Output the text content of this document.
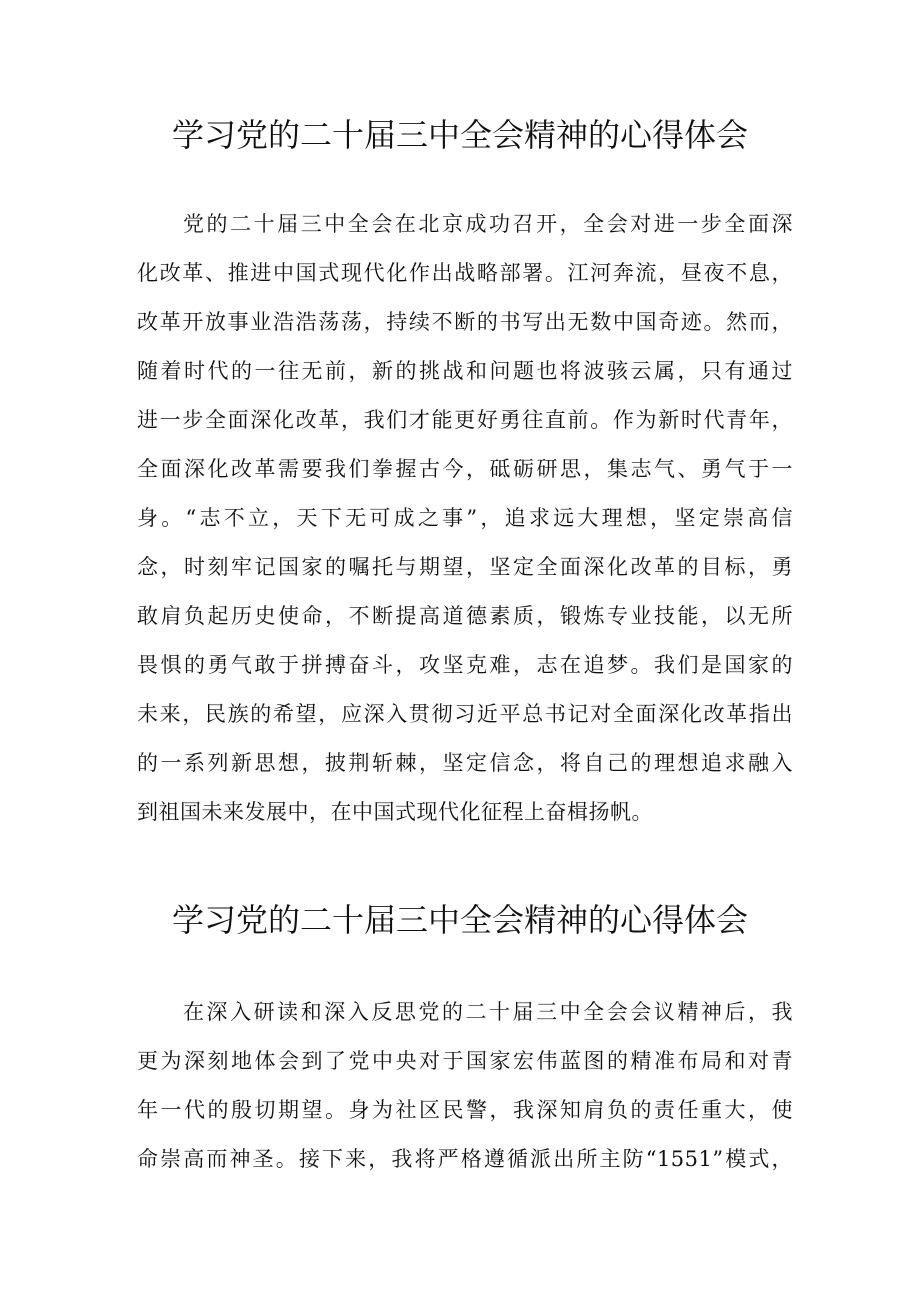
学习党的二十届三中全会精神的心得体会
党的二十届三中全会在北京成功召开，全会对进一步全面深
化改革、推进中国式现代化作出战略部署。江河奔流，昼夜不息，
改革开放事业浩浩荡荡，持续不断的书写出无数中国奇迹。然而，
随着时代的一往无前，新的挑战和问题也将波骇云属，只有通过
进一步全面深化改革，我们才能更好勇往直前。作为新时代青年，
全面深化改革需要我们拳握古今，砥砺研思，集志气、勇气于一
身。“志不立，天下无可成之事”，追求远大理想，坚定崇高信
念，时刻牢记国家的嘱托与期望，坚定全面深化改革的目标，勇
敢肩负起历史使命，不断提高道德素质，锻炼专业技能，以无所
畏惧的勇气敢于拼搏奋斗，攻坚克难，志在追梦。我们是国家的
未来，民族的希望，应深入贯彻习近平总书记对全面深化改革指出
的一系列新思想，披荆斩棘，坚定信念，将自己的理想追求融入
到祖国未来发展中，在中国式现代化征程上奋楫扬帆。
学习党的二十届三中全会精神的心得体会
在深入研读和深入反思党的二十届三中全会会议精神后，我
更为深刻地体会到了党中央对于国家宏伟蓝图的精准布局和对青
年一代的殷切期望。身为社区民警，我深知肩负的责任重大，使
命崇高而神圣。接下来，我将严格遵循派出所主防“1551”模式，
